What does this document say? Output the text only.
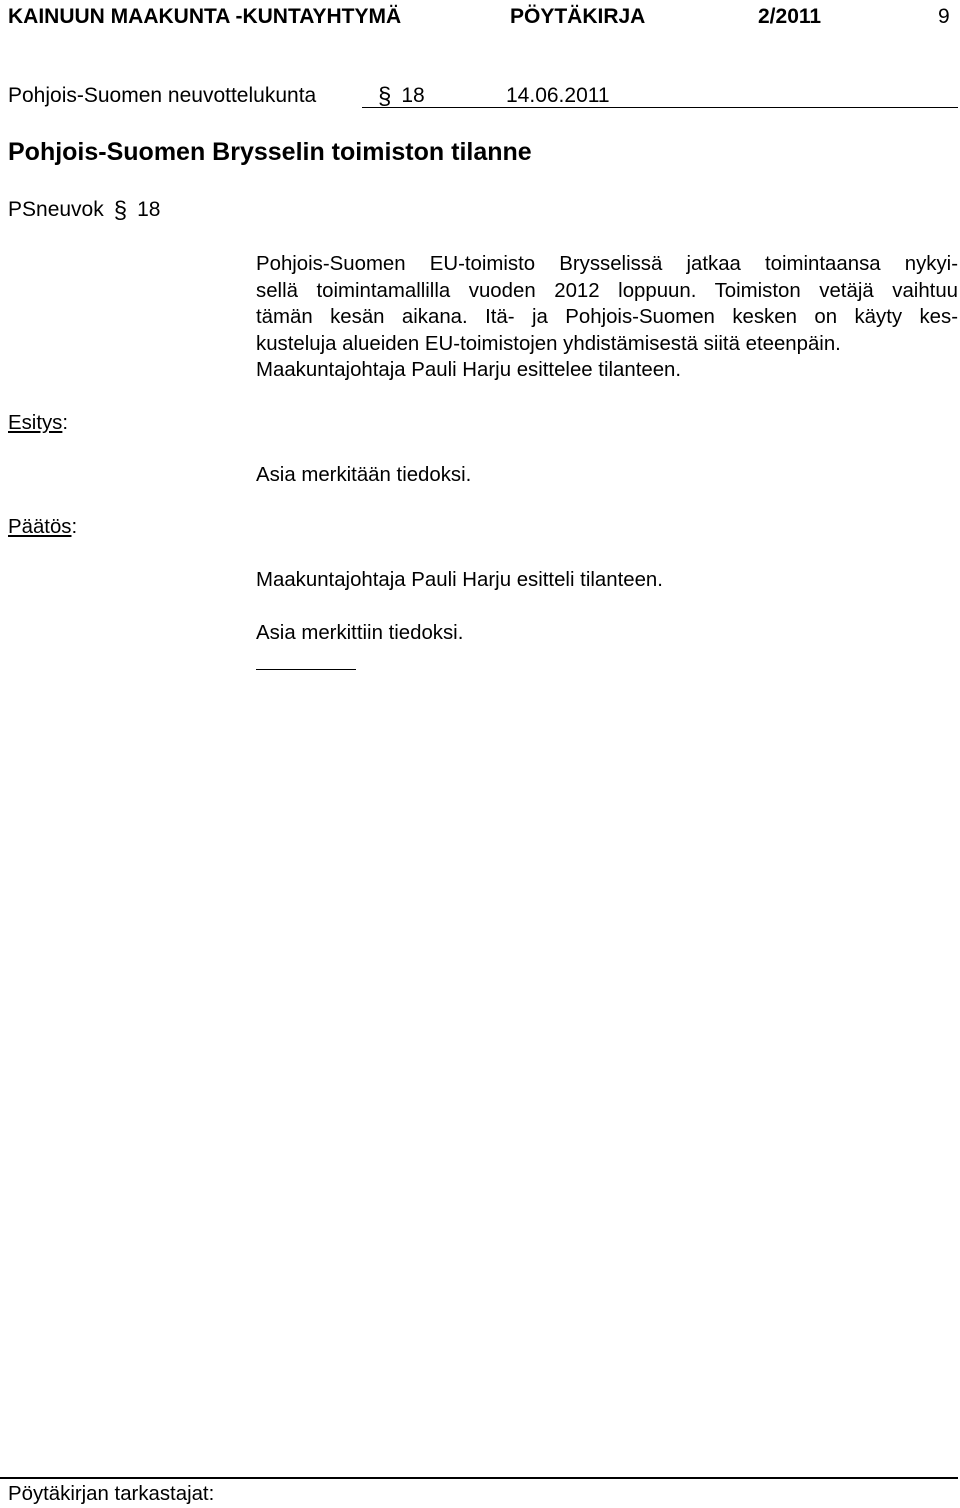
KAINUUN MAAKUNTA -KUNTAYHTYMÄ	PÖYTÄKIRJA	2/2011	9
Pohjois-Suomen neuvottelukunta	§ 18	14.06.2011
Pohjois-Suomen Brysselin toimiston tilanne
PSneuvok § 18
Pohjois-Suomen EU-toimisto Brysselissä jatkaa toimintaansa nykyi-
sellä toimintamallilla vuoden 2012 loppuun. Toimiston vetäjä vaihtuu
tämän kesän aikana. Itä- ja Pohjois-Suomen kesken on käyty kes-
kusteluja alueiden EU-toimistojen yhdistämisestä siitä eteenpäin.
Maakuntajohtaja Pauli Harju esittelee tilanteen.
Esitys:
Asia merkitään tiedoksi.
Päätös:
Maakuntajohtaja Pauli Harju esitteli tilanteen.
Asia merkittiin tiedoksi.
Pöytäkirjan tarkastajat:
